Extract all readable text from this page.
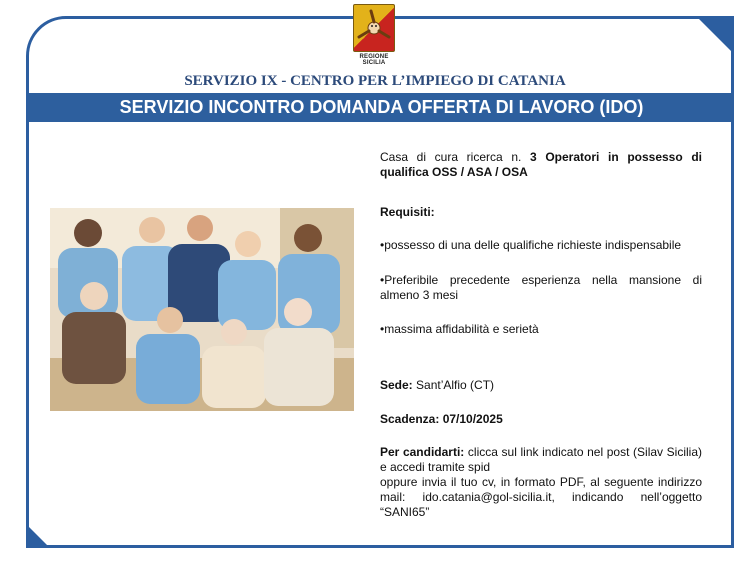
REGIONE SICILIA
SERVIZIO IX - CENTRO PER L’IMPIEGO DI CATANIA
SERVIZIO INCONTRO DOMANDA OFFERTA DI LAVORO (IDO)

Casa di cura ricerca n. 3 Operatori in possesso di qualifica OSS / ASA / OSA

Requisiti:

•possesso di una delle qualifiche richieste indispensabile

•Preferibile precedente esperienza nella mansione di almeno 3 mesi

•massima affidabilità e serietà

Sede: Sant’Alfio (CT)

Scadenza: 07/10/2025

Per candidarti: clicca sul link indicato nel post (Silav Sicilia) e accedi tramite spid
oppure invia il tuo cv, in formato PDF, al seguente indirizzo mail: ido.catania@gol-sicilia.it, indicando nell’oggetto “SANI65”
